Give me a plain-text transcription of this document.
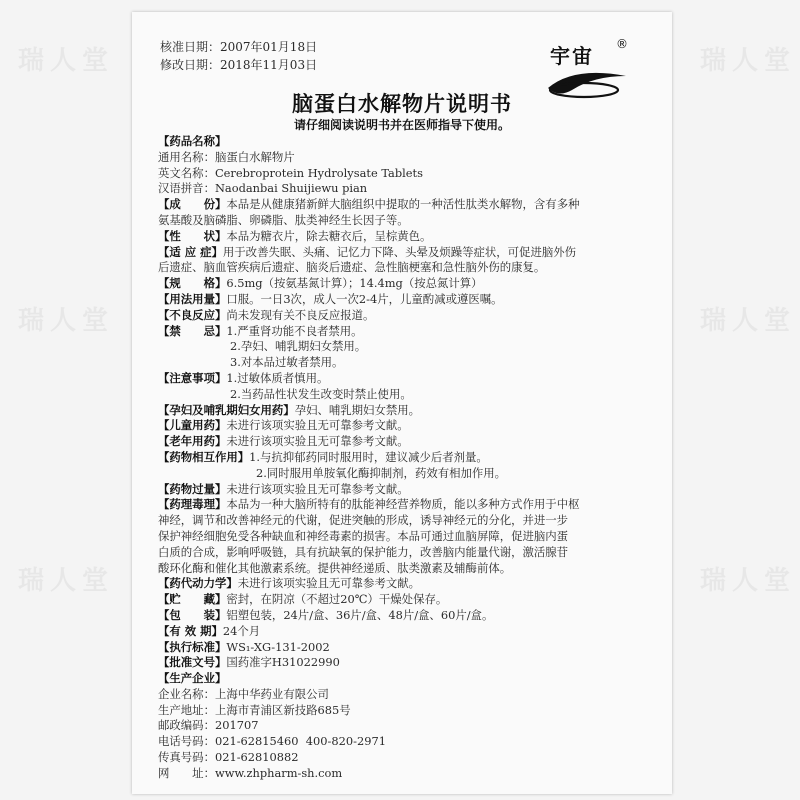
瑞人堂	瑞人堂
瑞人堂	瑞人堂
瑞人堂	瑞人堂
核准日期：2007年01月18日
修改日期：2018年11月03日	宇宙 ®
脑蛋白水解物片说明书
请仔细阅读说明书并在医师指导下使用。
【药品名称】
通用名称：脑蛋白水解物片
英文名称：Cerebroprotein Hydrolysate Tablets
汉语拼音：Naodanbai Shuijiewu pian
【成　　份】本品是从健康猪新鲜大脑组织中提取的一种活性肽类水解物，含有多种
氨基酸及脑磷脂、卵磷脂、肽类神经生长因子等。
【性　　状】本品为糖衣片，除去糖衣后，呈棕黄色。
【适 应 症】用于改善失眠、头痛、记忆力下降、头晕及烦躁等症状，可促进脑外伤
后遗症、脑血管疾病后遗症、脑炎后遗症、急性脑梗塞和急性脑外伤的康复。
【规　　格】6.5mg（按氨基氮计算）；14.4mg（按总氮计算）
【用法用量】口服。一日3次，成人一次2-4片，儿童酌减或遵医嘱。
【不良反应】尚未发现有关不良反应报道。
【禁　　忌】1.严重肾功能不良者禁用。
2.孕妇、哺乳期妇女禁用。
3.对本品过敏者禁用。
【注意事项】1.过敏体质者慎用。
2.当药品性状发生改变时禁止使用。
【孕妇及哺乳期妇女用药】孕妇、哺乳期妇女禁用。
【儿童用药】未进行该项实验且无可靠参考文献。
【老年用药】未进行该项实验且无可靠参考文献。
【药物相互作用】1.与抗抑郁药同时服用时，建议减少后者剂量。
2.同时服用单胺氧化酶抑制剂，药效有相加作用。
【药物过量】未进行该项实验且无可靠参考文献。
【药理毒理】本品为一种大脑所特有的肽能神经营养物质，能以多种方式作用于中枢
神经，调节和改善神经元的代谢，促进突触的形成，诱导神经元的分化，并进一步
保护神经细胞免受各种缺血和神经毒素的损害。本品可通过血脑屏障，促进脑内蛋
白质的合成，影响呼吸链，具有抗缺氧的保护能力，改善脑内能量代谢，激活腺苷
酸环化酶和催化其他激素系统。提供神经递质、肽类激素及辅酶前体。
【药代动力学】未进行该项实验且无可靠参考文献。
【贮　　藏】密封，在阴凉（不超过20℃）干燥处保存。
【包　　装】铝塑包装，24片/盒、36片/盒、48片/盒、60片/盒。
【有 效 期】24个月
【执行标准】WS₁-XG-131-2002
【批准文号】国药准字H31022990
【生产企业】
企业名称：上海中华药业有限公司
生产地址：上海市青浦区新技路685号
邮政编码：201707
电话号码：021-62815460  400-820-2971
传真号码：021-62810882
网　　址：www.zhpharm-sh.com
